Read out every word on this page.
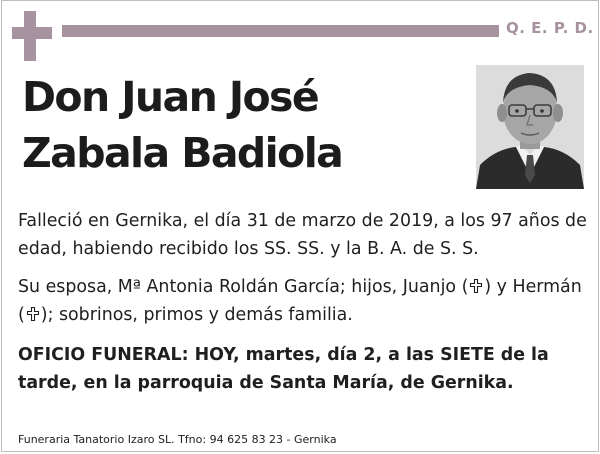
Q. E. P. D.
Don Juan José
Zabala Badiola
Falleció en Gernika, el día 31 de marzo de 2019, a los 97 años de edad, habiendo recibido los SS. SS. y la B. A. de S. S.
Su esposa, Mª Antonia Roldán García; hijos, Juanjo ( ) y Hermán ( ); sobrinos, primos y demás familia.
OFICIO FUNERAL: HOY, martes, día 2, a las SIETE de la tarde, en la parroquia de Santa María, de Gernika.
Funeraria Tanatorio Izaro SL. Tfno: 94 625 83 23 - Gernika
